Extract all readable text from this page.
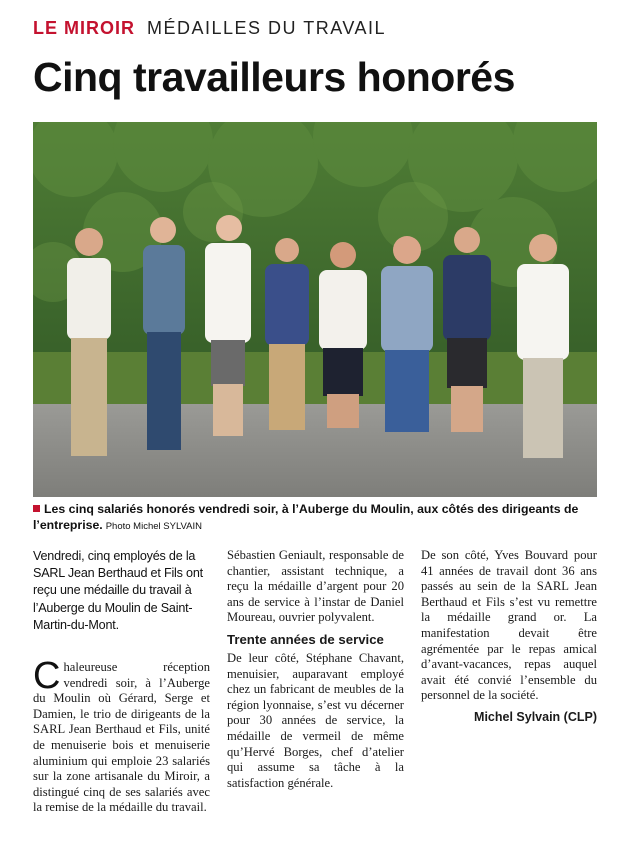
LE MIROIR MÉDAILLES DU TRAVAIL
Cinq travailleurs honorés
Les cinq salariés honorés vendredi soir, à l’Auberge du Moulin, aux côtés des dirigeants de l’entreprise. Photo Michel SYLVAIN

Vendredi, cinq employés de la SARL Jean Berthaud et Fils ont reçu une médaille du travail à l’Auberge du Moulin de Saint-Martin-du-Mont.

Chaleureuse réception vendredi soir, à l’Auberge du Moulin où Gérard, Serge et Damien, le trio de dirigeants de la SARL Jean Berthaud et Fils, unité de menuiserie bois et menuiserie aluminium qui emploie 23 salariés sur la zone artisanale du Miroir, a distingué cinq de ses salariés avec la remise de la médaille du travail.

Sébastien Geniault, responsable de chantier, assistant technique, a reçu la médaille d’argent pour 20 ans de service à l’instar de Daniel Moureau, ouvrier polyvalent.

Trente années de service

De leur côté, Stéphane Chavant, menuisier, auparavant employé chez un fabricant de meubles de la région lyonnaise, s’est vu décerner pour 30 années de service, la médaille de vermeil de même qu’Hervé Borges, chef d’atelier qui assume sa tâche à la satisfaction générale.

De son côté, Yves Bouvard pour 41 années de travail dont 36 ans passés au sein de la SARL Jean Berthaud et Fils s’est vu remettre la médaille grand or. La manifestation devait être agrémentée par le repas amical d’avant-vacances, repas auquel avait été convié l’ensemble du personnel de la société.

Michel Sylvain (CLP)
